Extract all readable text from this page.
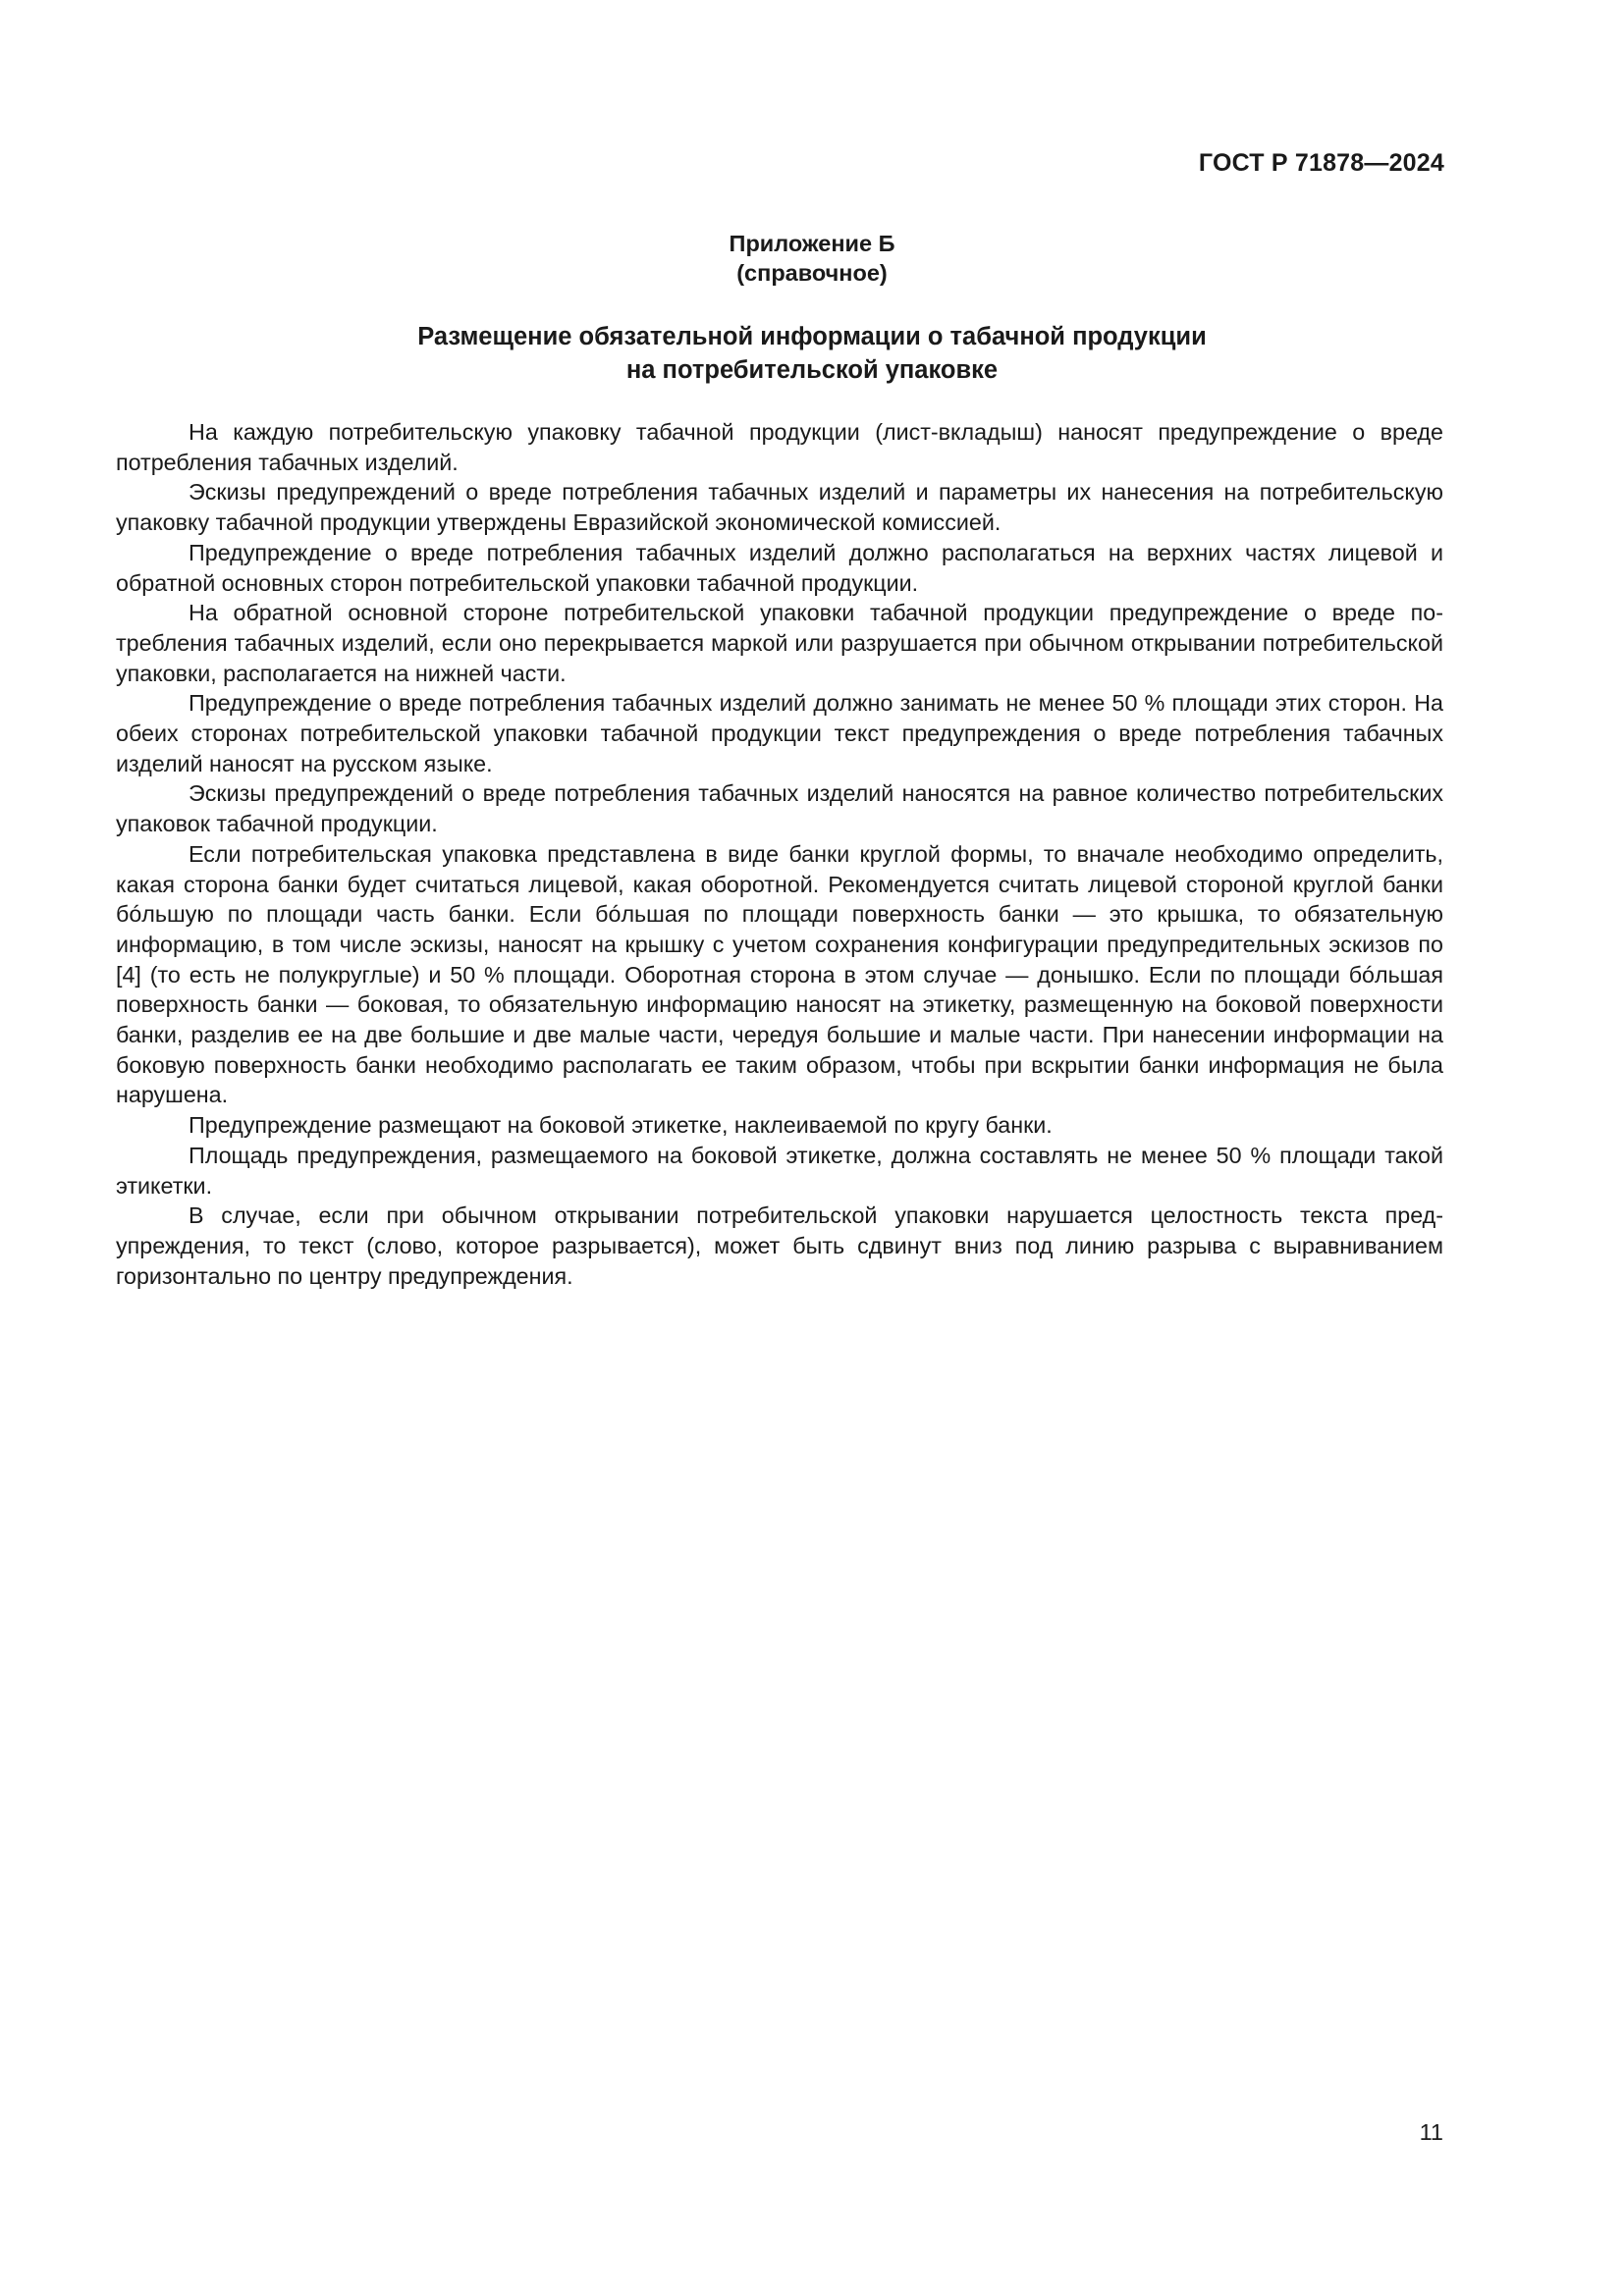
ГОСТ Р 71878—2024
Приложение Б
(справочное)
Размещение обязательной информации о табачной продукции
на потребительской упаковке

На каждую потребительскую упаковку табачной продукции (лист-вкладыш) наносят предупреждение о вреде потребления табачных изделий.

Эскизы предупреждений о вреде потребления табачных изделий и параметры их нанесения на потребительскую упаковку табачной продукции утверждены Евразийской экономической комиссией.

Предупреждение о вреде потребления табачных изделий должно располагаться на верхних частях лицевой и обратной основных сторон потребительской упаковки табачной продукции.

На обратной основной стороне потребительской упаковки табачной продукции предупреждение о вреде потребления табачных изделий, если оно перекрывается маркой или разрушается при обычном открывании потребительской упаковки, располагается на нижней части.

Предупреждение о вреде потребления табачных изделий должно занимать не менее 50 % площади этих сторон. На обеих сторонах потребительской упаковки табачной продукции текст предупреждения о вреде потребления табачных изделий наносят на русском языке.

Эскизы предупреждений о вреде потребления табачных изделий наносятся на равное количество потребительских упаковок табачной продукции.

Если потребительская упаковка представлена в виде банки круглой формы, то вначале необходимо определить, какая сторона банки будет считаться лицевой, какая оборотной. Рекомендуется считать лицевой стороной круглой банки бóльшую по площади часть банки. Если бóльшая по площади поверхность банки — это крышка, то обязательную информацию, в том числе эскизы, наносят на крышку с учетом сохранения конфигурации предупредительных эскизов по [4] (то есть не полукруглые) и 50 % площади. Оборотная сторона в этом случае — донышко. Если по площади бóльшая поверхность банки — боковая, то обязательную информацию наносят на этикетку, размещенную на боковой поверхности банки, разделив ее на две большие и две малые части, чередуя большие и малые части. При нанесении информации на боковую поверхность банки необходимо располагать ее таким образом, чтобы при вскрытии банки информация не была нарушена.

Предупреждение размещают на боковой этикетке, наклеиваемой по кругу банки.

Площадь предупреждения, размещаемого на боковой этикетке, должна составлять не менее 50 % площади такой этикетки.

В случае, если при обычном открывании потребительской упаковки нарушается целостность текста предупреждения, то текст (слово, которое разрывается), может быть сдвинут вниз под линию разрыва с выравниванием горизонтально по центру предупреждения.

11
